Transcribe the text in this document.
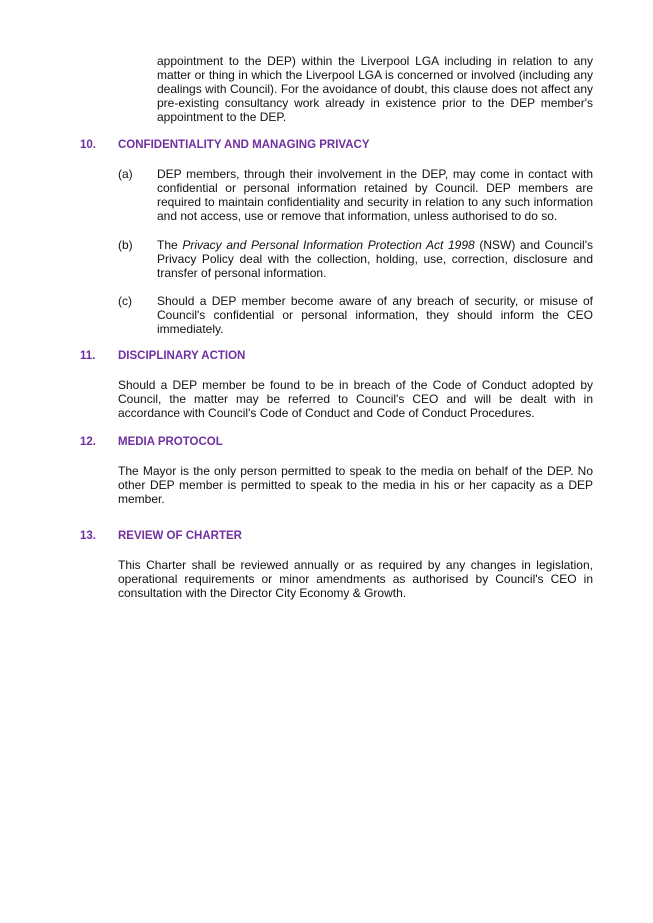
appointment to the DEP) within the Liverpool LGA including in relation to any matter or thing in which the Liverpool LGA is concerned or involved (including any dealings with Council). For the avoidance of doubt, this clause does not affect any pre-existing consultancy work already in existence prior to the DEP member's appointment to the DEP.

10. CONFIDENTIALITY AND MANAGING PRIVACY
(a) DEP members, through their involvement in the DEP, may come in contact with confidential or personal information retained by Council. DEP members are required to maintain confidentiality and security in relation to any such information and not access, use or remove that information, unless authorised to do so.

(b) The Privacy and Personal Information Protection Act 1998 (NSW) and Council's Privacy Policy deal with the collection, holding, use, correction, disclosure and transfer of personal information.

(c) Should a DEP member become aware of any breach of security, or misuse of Council's confidential or personal information, they should inform the CEO immediately.

11. DISCIPLINARY ACTION

Should a DEP member be found to be in breach of the Code of Conduct adopted by Council, the matter may be referred to Council's CEO and will be dealt with in accordance with Council's Code of Conduct and Code of Conduct Procedures.

12. MEDIA PROTOCOL

The Mayor is the only person permitted to speak to the media on behalf of the DEP. No other DEP member is permitted to speak to the media in his or her capacity as a DEP member.

13. REVIEW OF CHARTER

This Charter shall be reviewed annually or as required by any changes in legislation, operational requirements or minor amendments as authorised by Council's CEO in consultation with the Director City Economy & Growth.
